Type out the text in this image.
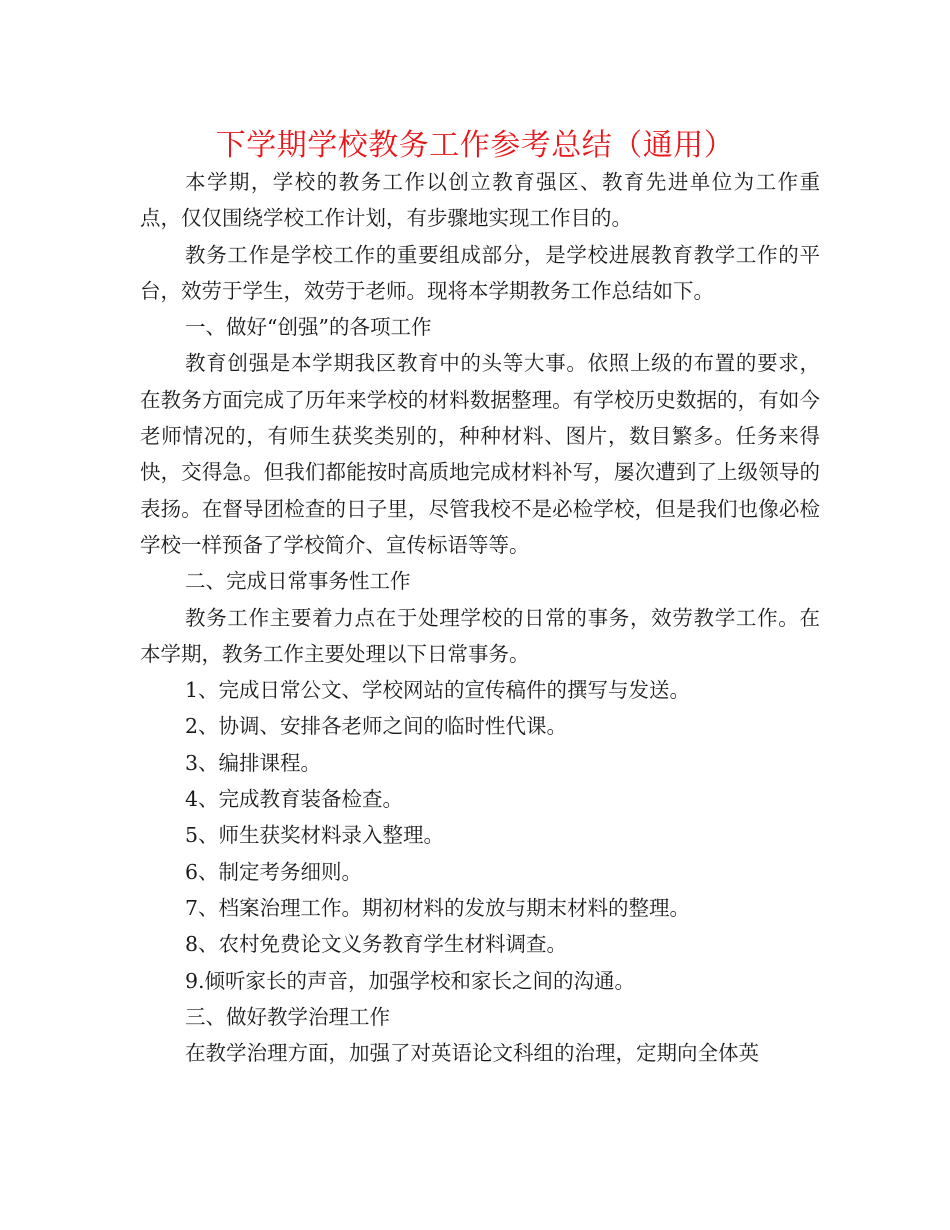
下学期学校教务工作参考总结（通用）

本学期，学校的教务工作以创立教育强区、教育先进单位为工作重点，仅仅围绕学校工作计划，有步骤地实现工作目的。

教务工作是学校工作的重要组成部分，是学校进展教育教学工作的平台，效劳于学生，效劳于老师。现将本学期教务工作总结如下。

一、做好“创强”的各项工作

教育创强是本学期我区教育中的头等大事。依照上级的布置的要求，在教务方面完成了历年来学校的材料数据整理。有学校历史数据的，有如今老师情况的，有师生获奖类别的，种种材料、图片，数目繁多。任务来得快，交得急。但我们都能按时高质地完成材料补写，屡次遭到了上级领导的表扬。在督导团检查的日子里，尽管我校不是必检学校，但是我们也像必检学校一样预备了学校简介、宣传标语等等。

二、完成日常事务性工作

教务工作主要着力点在于处理学校的日常的事务，效劳教学工作。在本学期，教务工作主要处理以下日常事务。

1、完成日常公文、学校网站的宣传稿件的撰写与发送。

2、协调、安排各老师之间的临时性代课。

3、编排课程。

4、完成教育装备检查。

5、师生获奖材料录入整理。

6、制定考务细则。

7、档案治理工作。期初材料的发放与期末材料的整理。

8、农村免费论文义务教育学生材料调查。

9.倾听家长的声音，加强学校和家长之间的沟通。

三、做好教学治理工作

在教学治理方面，加强了对英语论文科组的治理，定期向全体英
